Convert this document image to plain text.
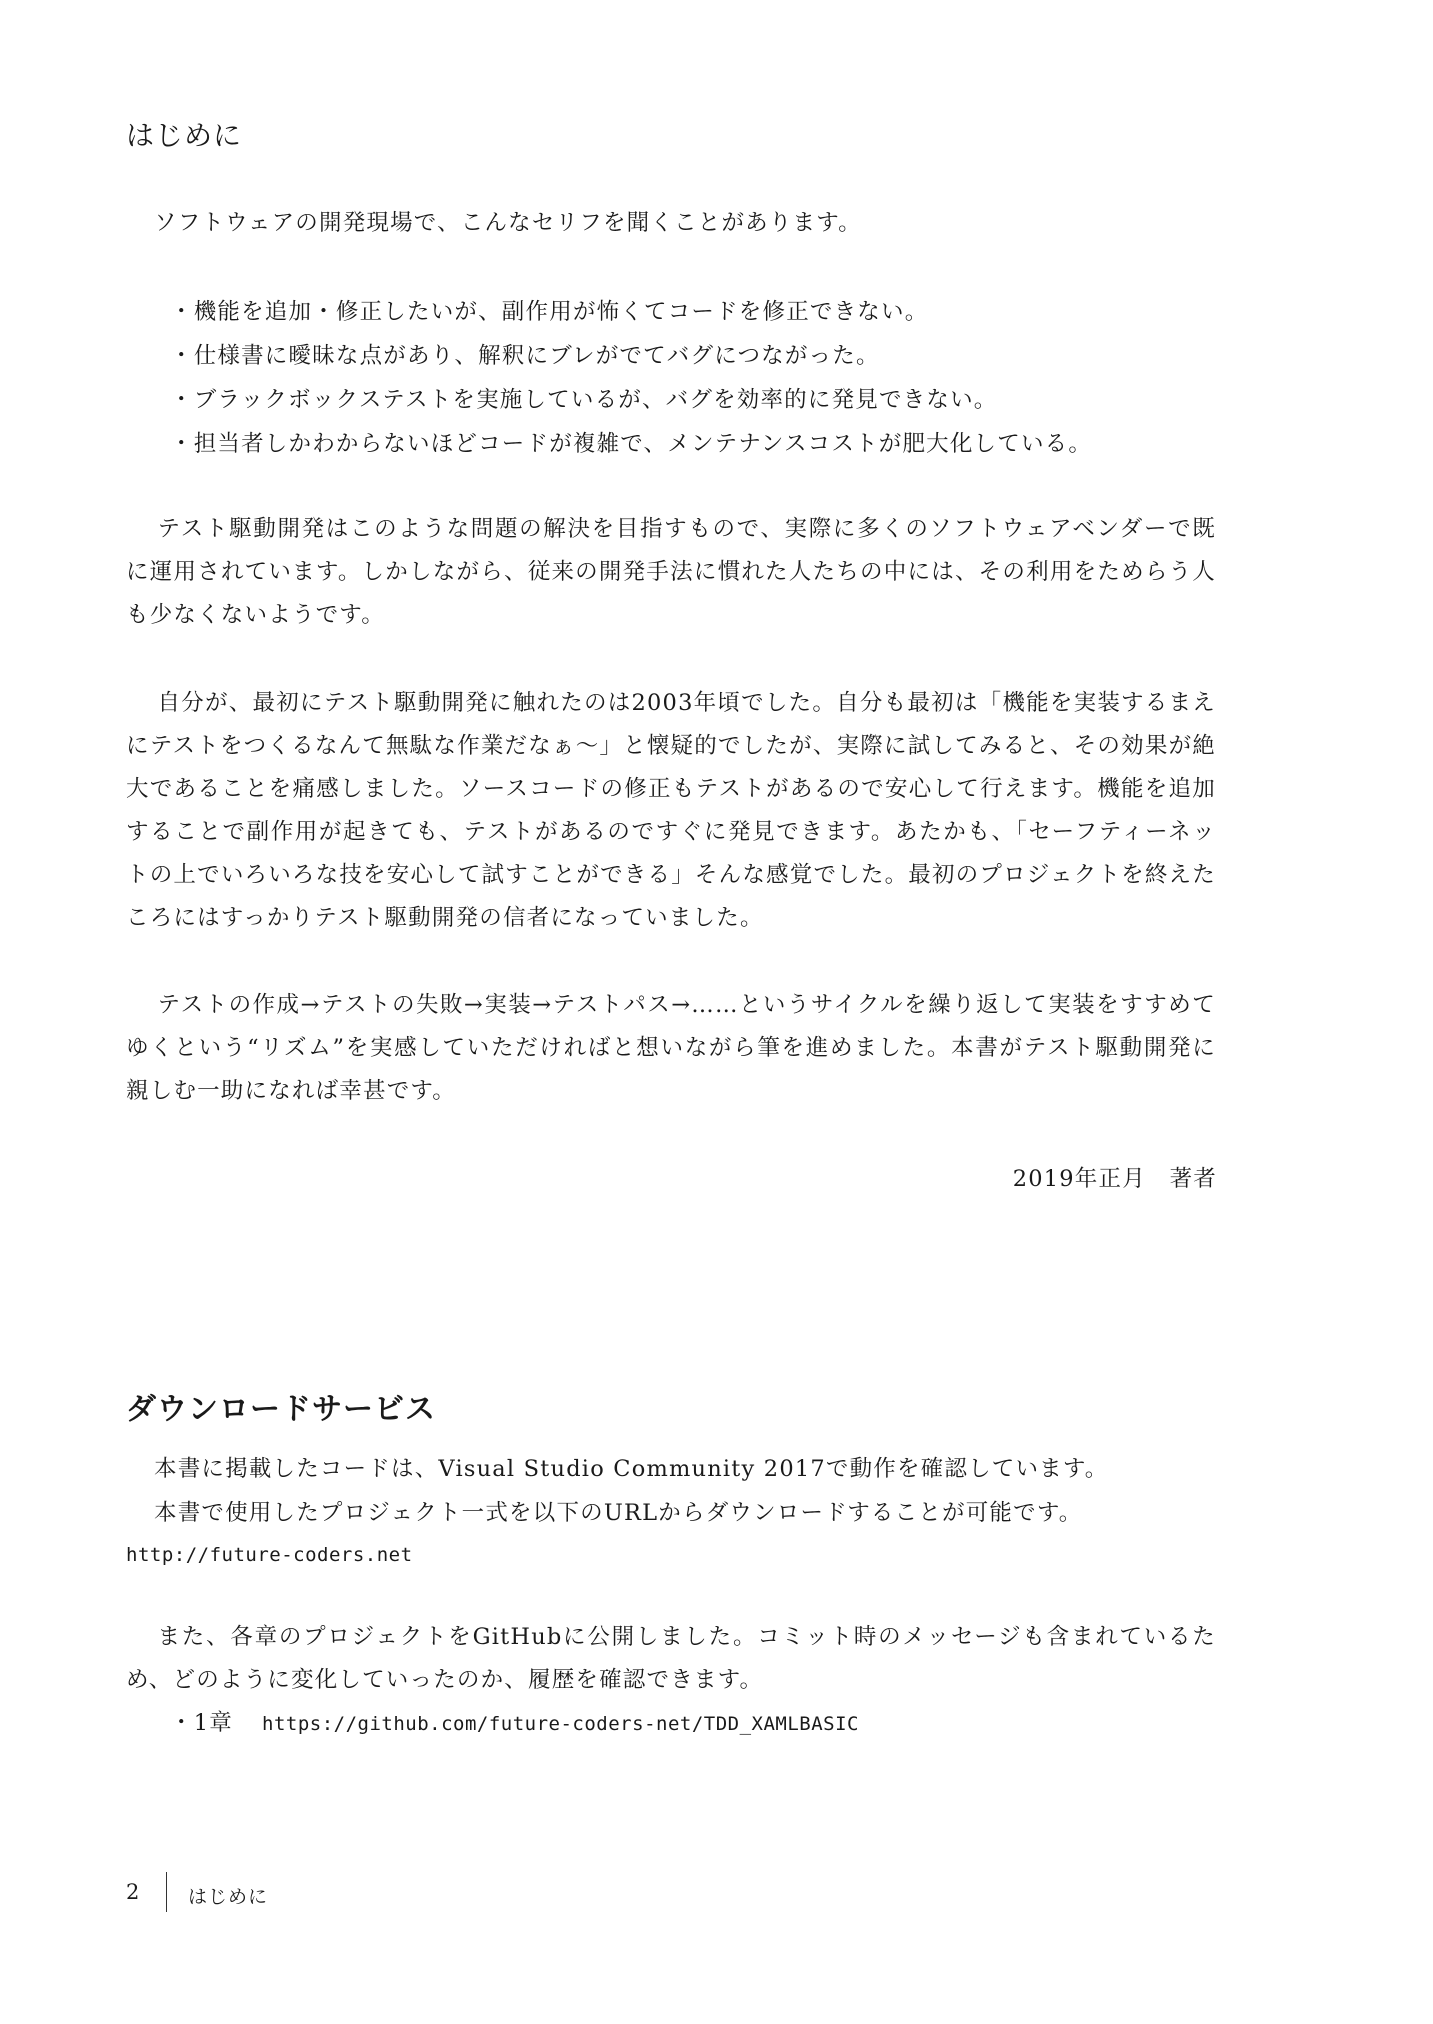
はじめに

ソフトウェアの開発現場で、こんなセリフを聞くことがあります。

・ 機能を追加・修正したいが、副作用が怖くてコードを修正できない。
・ 仕様書に曖昧な点があり、解釈にブレがでてバグにつながった。
・ ブラックボックステストを実施しているが、バグを効率的に発見できない。
・ 担当者しかわからないほどコードが複雑で、メンテナンスコストが肥大化している。

テスト駆動開発はこのような問題の解決を目指すもので、実際に多くのソフトウェアベンダーで既に運用されています。しかしながら、従来の開発手法に慣れた人たちの中には、その利用をためらう人も少なくないようです。

自分が、最初にテスト駆動開発に触れたのは2003年頃でした。自分も最初は「機能を実装するまえにテストをつくるなんて無駄な作業だなぁ～」と懐疑的でしたが、実際に試してみると、その効果が絶大であることを痛感しました。ソースコードの修正もテストがあるので安心して行えます。機能を追加することで副作用が起きても、テストがあるのですぐに発見できます。あたかも、「セーフティーネットの上でいろいろな技を安心して試すことができる」そんな感覚でした。最初のプロジェクトを終えたころにはすっかりテスト駆動開発の信者になっていました。

テストの作成→テストの失敗→実装→テストパス→……というサイクルを繰り返して実装をすすめてゆくという“リズム”を実感していただければと想いながら筆を進めました。本書がテスト駆動開発に親しむ一助になれば幸甚です。

2019年正月　著者
ダウンロードサービス

本書に掲載したコードは、Visual Studio Community 2017で動作を確認しています。

本書で使用したプロジェクト一式を以下のURLからダウンロードすることが可能です。

http://future-coders.net

また、各章のプロジェクトをGitHubに公開しました。コミット時のメッセージも含まれているため、どのように変化していったのか、履歴を確認できます。

・1章 https://github.com/future-coders-net/TDD_XAMLBASIC
2	はじめに
